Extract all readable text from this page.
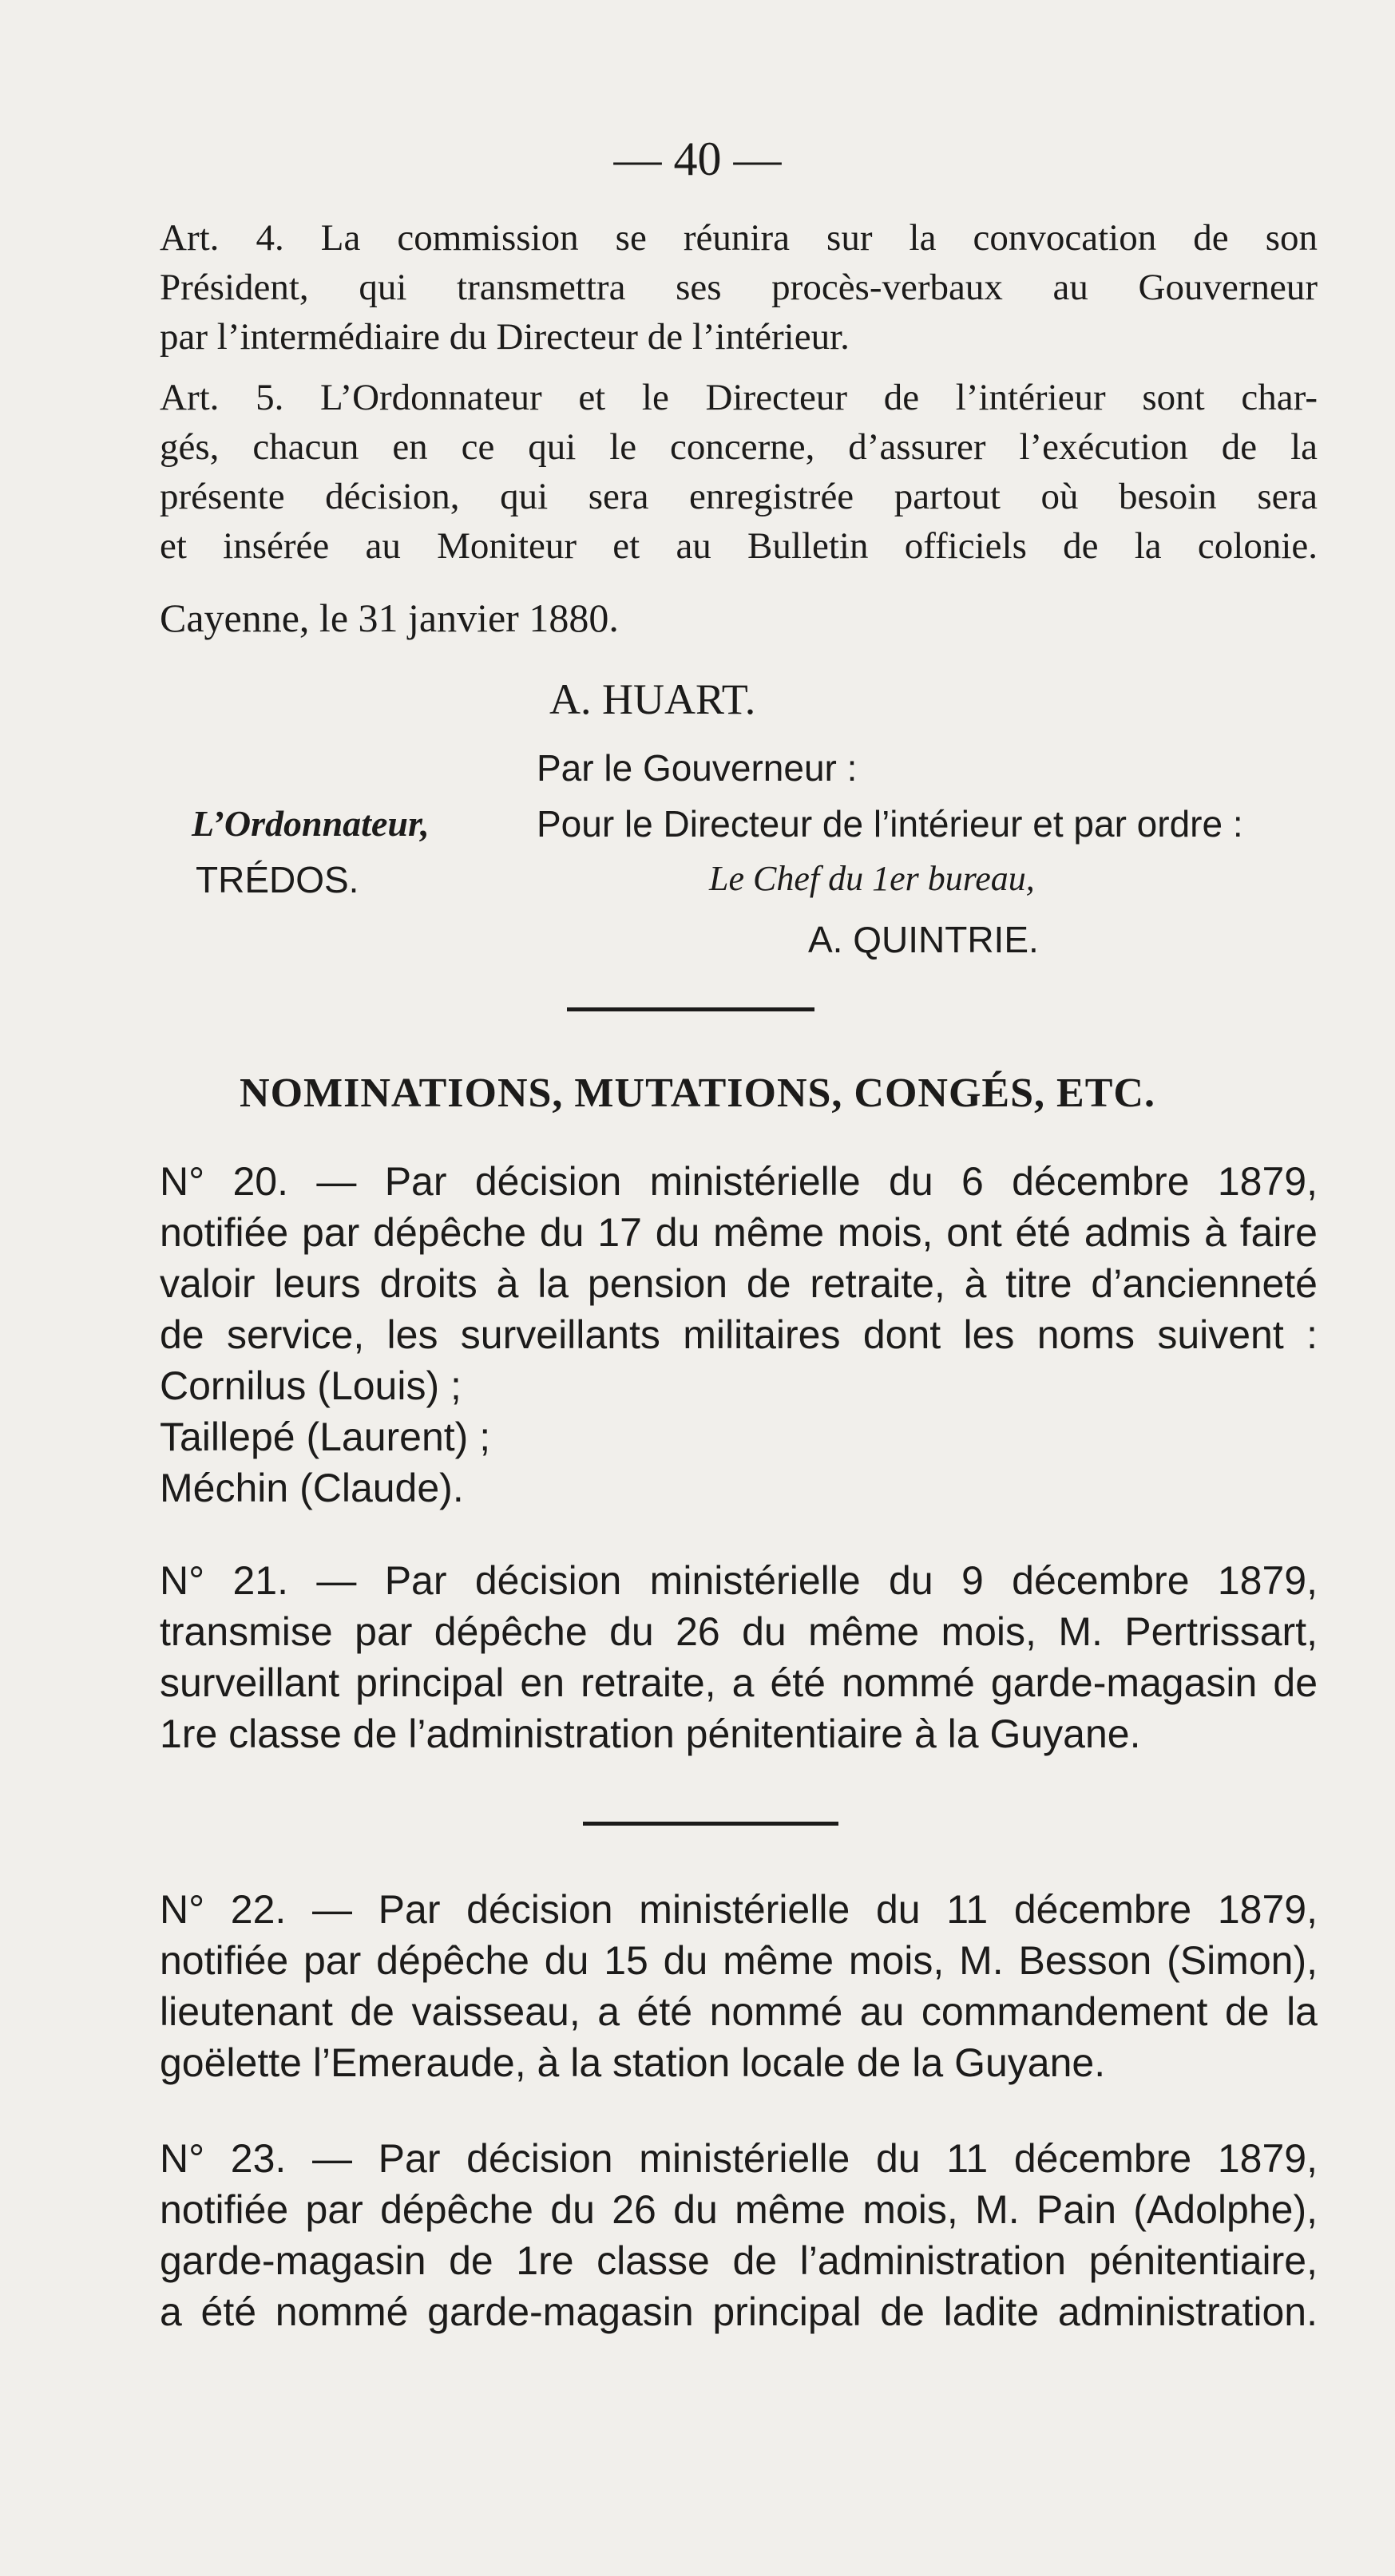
— 40 —
Art. 4. La commission se réunira sur la convocation de son
Président, qui transmettra ses procès-verbaux au Gouverneur
par l’intermédiaire du Directeur de l’intérieur.
Art. 5. L’Ordonnateur et le Directeur de l’intérieur sont char-
gés, chacun en ce qui le concerne, d’assurer l’exécution de la
présente décision, qui sera enregistrée partout où besoin sera
et insérée au Moniteur et au Bulletin officiels de la colonie.
Cayenne, le 31 janvier 1880.
A. HUART.
Par le Gouverneur :
L’Ordonnateur,	Pour le Directeur de l’intérieur et par ordre :
TRÉDOS.	Le Chef du 1er bureau,
A. QUINTRIE.
NOMINATIONS, MUTATIONS, CONGÉS, ETC.

N° 20. — Par décision ministérielle du 6 décembre 1879,

notifiée par dépêche du 17 du même mois, ont été admis à faire

valoir leurs droits à la pension de retraite, à titre d’ancienneté

de service, les surveillants militaires dont les noms suivent :

Cornilus (Louis) ;

Taillepé (Laurent) ;

Méchin (Claude).

N° 21. — Par décision ministérielle du 9 décembre 1879,

transmise par dépêche du 26 du même mois, M. Pertrissart,

surveillant principal en retraite, a été nommé garde-magasin de

1re classe de l’administration pénitentiaire à la Guyane.

N° 22. — Par décision ministérielle du 11 décembre 1879,

notifiée par dépêche du 15 du même mois, M. Besson (Simon),

lieutenant de vaisseau, a été nommé au commandement de la

goëlette l’Emeraude, à la station locale de la Guyane.

N° 23. — Par décision ministérielle du 11 décembre 1879,

notifiée par dépêche du 26 du même mois, M. Pain (Adolphe),

garde-magasin de 1re classe de l’administration pénitentiaire,

a été nommé garde-magasin principal de ladite administration.
